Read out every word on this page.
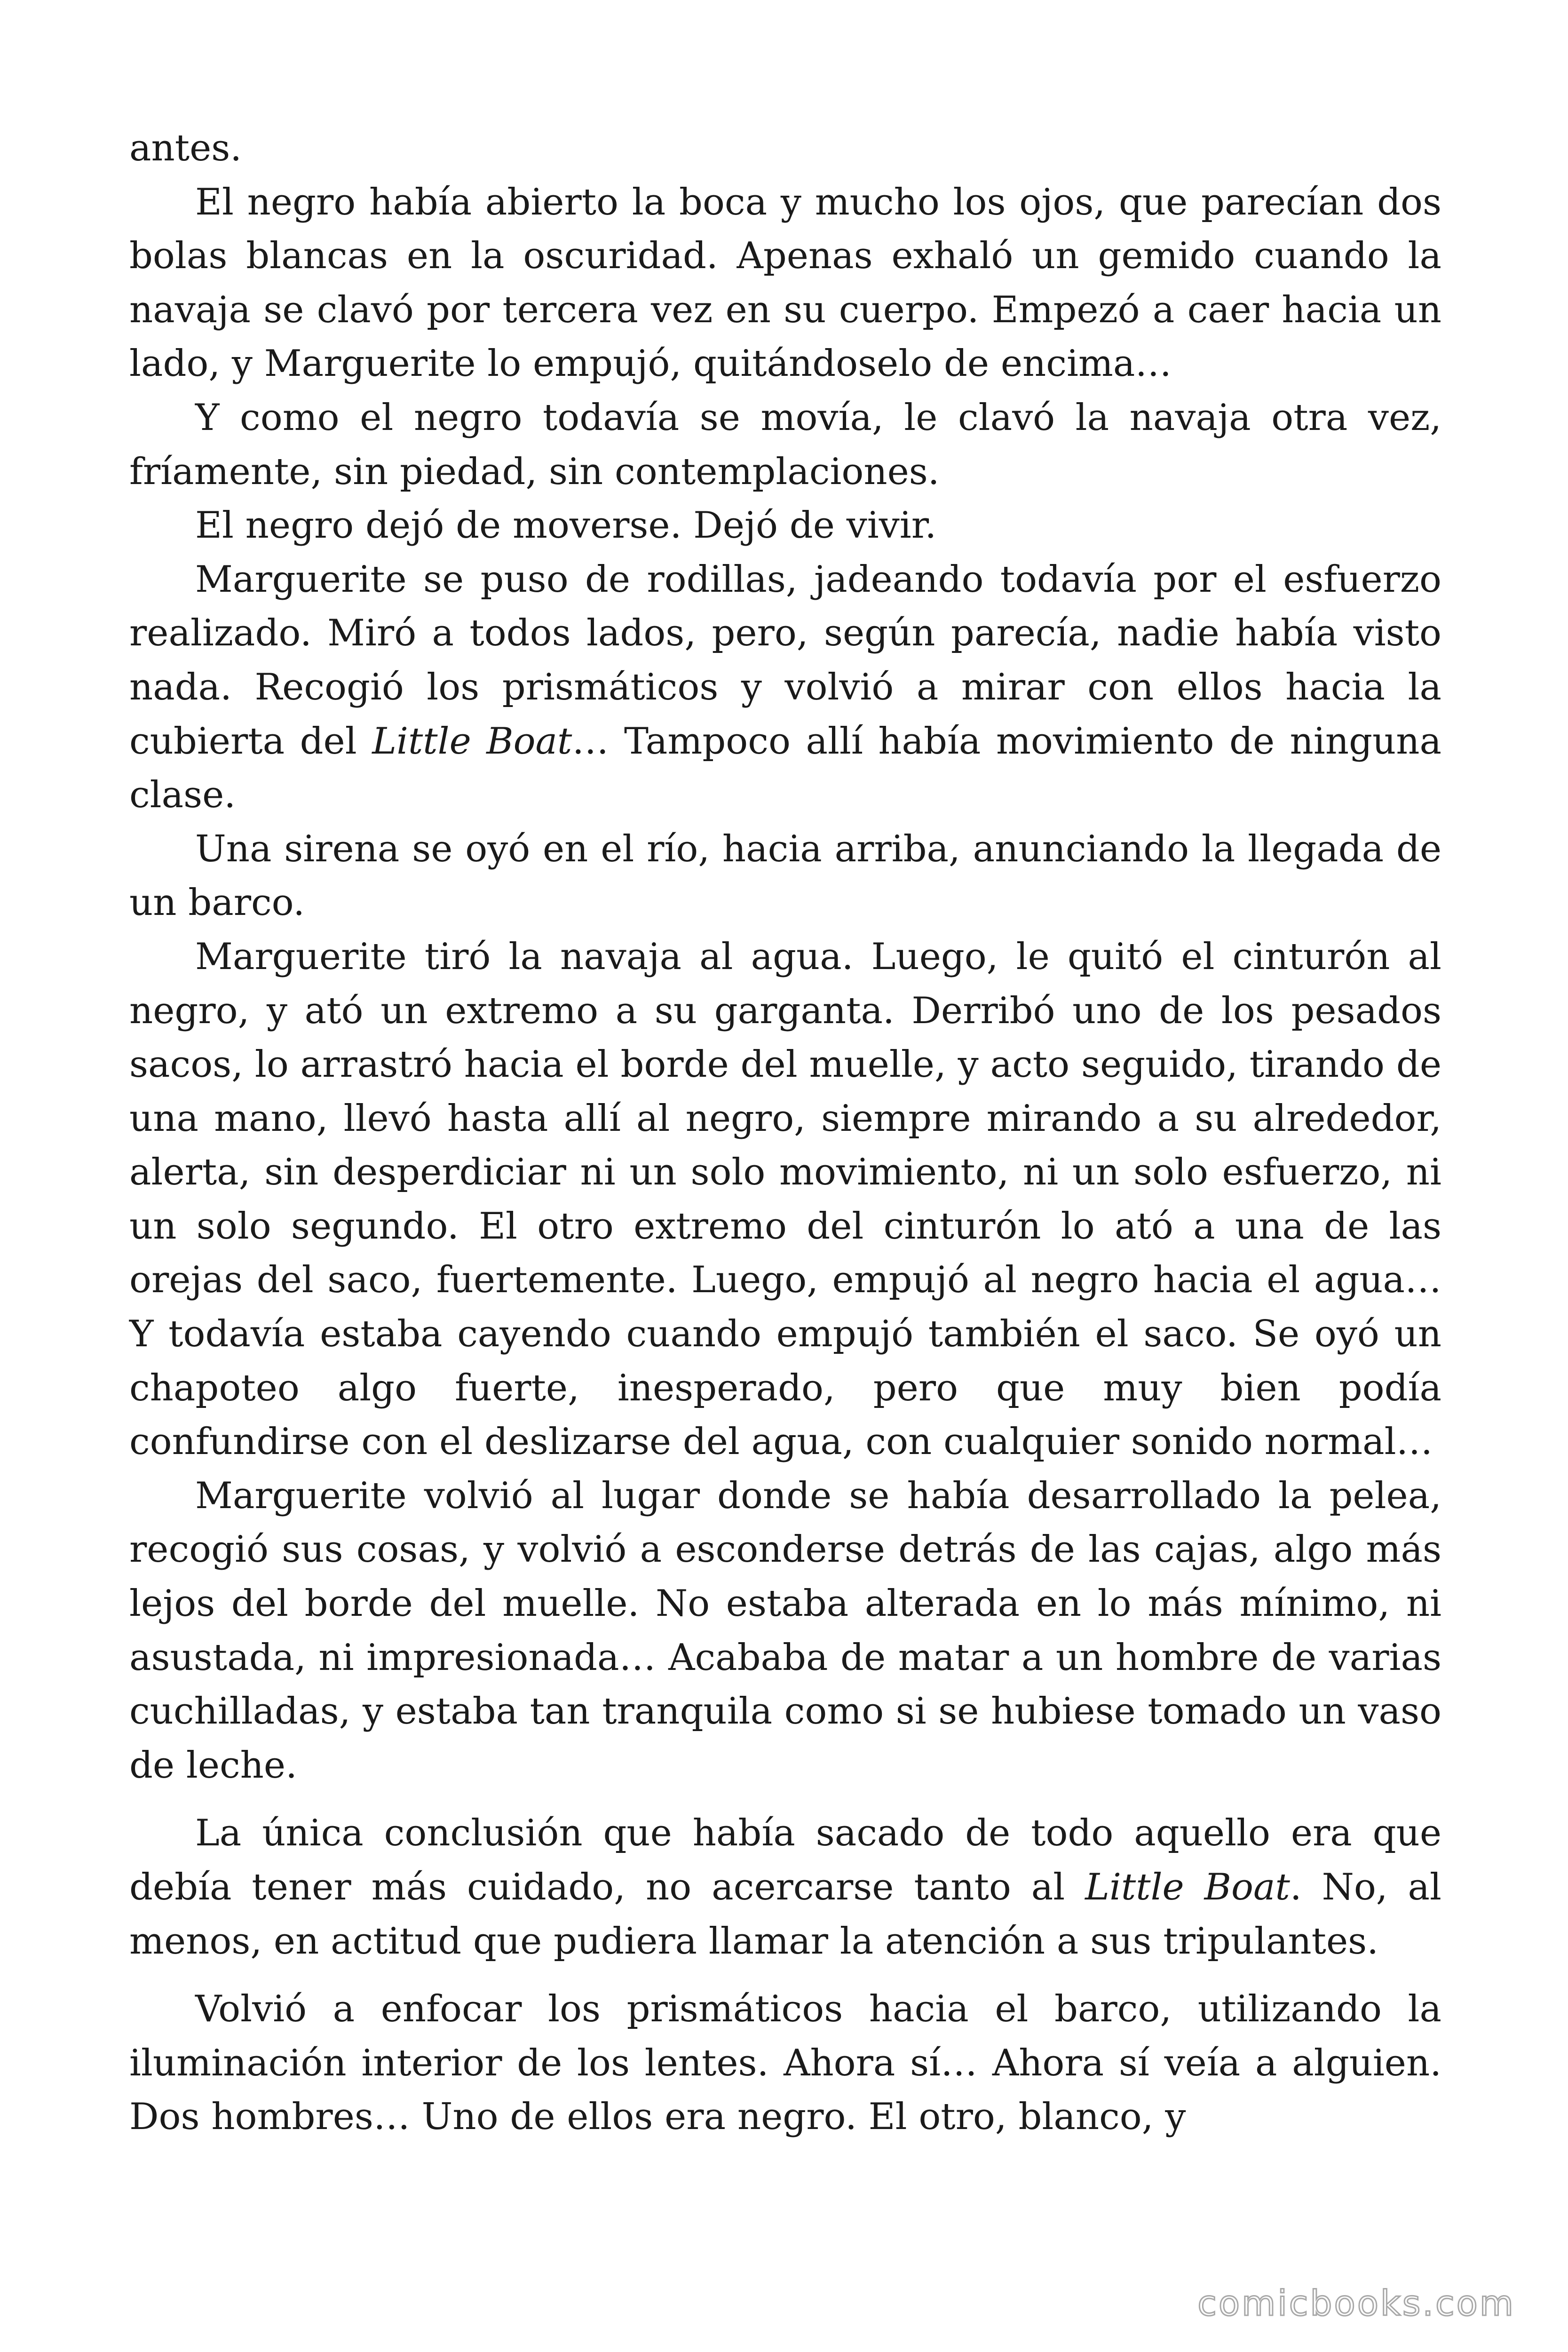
antes.

El negro había abierto la boca y mucho los ojos, que parecían dos bolas blancas en la oscuridad. Apenas exhaló un gemido cuando la navaja se clavó por tercera vez en su cuerpo. Empezó a caer hacia un lado, y Marguerite lo empujó, quitándoselo de encima…

Y como el negro todavía se movía, le clavó la navaja otra vez, fríamente, sin piedad, sin contemplaciones.

El negro dejó de moverse. Dejó de vivir.

Marguerite se puso de rodillas, jadeando todavía por el esfuerzo realizado. Miró a todos lados, pero, según parecía, nadie había visto nada. Recogió los prismáticos y volvió a mirar con ellos hacia la cubierta del Little Boat… Tampoco allí había movimiento de ninguna clase.

Una sirena se oyó en el río, hacia arriba, anunciando la llegada de un barco.

Marguerite tiró la navaja al agua. Luego, le quitó el cinturón al negro, y ató un extremo a su garganta. Derribó uno de los pesados sacos, lo arrastró hacia el borde del muelle, y acto seguido, tirando de una mano, llevó hasta allí al negro, siempre mirando a su alrededor, alerta, sin desperdiciar ni un solo movimiento, ni un solo esfuerzo, ni un solo segundo. El otro extremo del cinturón lo ató a una de las orejas del saco, fuertemente. Luego, empujó al negro hacia el agua… Y todavía estaba cayendo cuando empujó también el saco. Se oyó un chapoteo algo fuerte, inesperado, pero que muy bien podía confundirse con el deslizarse del agua, con cualquier sonido normal…

Marguerite volvió al lugar donde se había desarrollado la pelea, recogió sus cosas, y volvió a esconderse detrás de las cajas, algo más lejos del borde del muelle. No estaba alterada en lo más mínimo, ni asustada, ni impresionada… Acababa de matar a un hombre de varias cuchilladas, y estaba tan tranquila como si se hubiese tomado un vaso de leche.

La única conclusión que había sacado de todo aquello era que debía tener más cuidado, no acercarse tanto al Little Boat. No, al menos, en actitud que pudiera llamar la atención a sus tripulantes.

Volvió a enfocar los prismáticos hacia el barco, utilizando la iluminación interior de los lentes. Ahora sí… Ahora sí veía a alguien. Dos hombres… Uno de ellos era negro. El otro, blanco, y

comicbooks.com
